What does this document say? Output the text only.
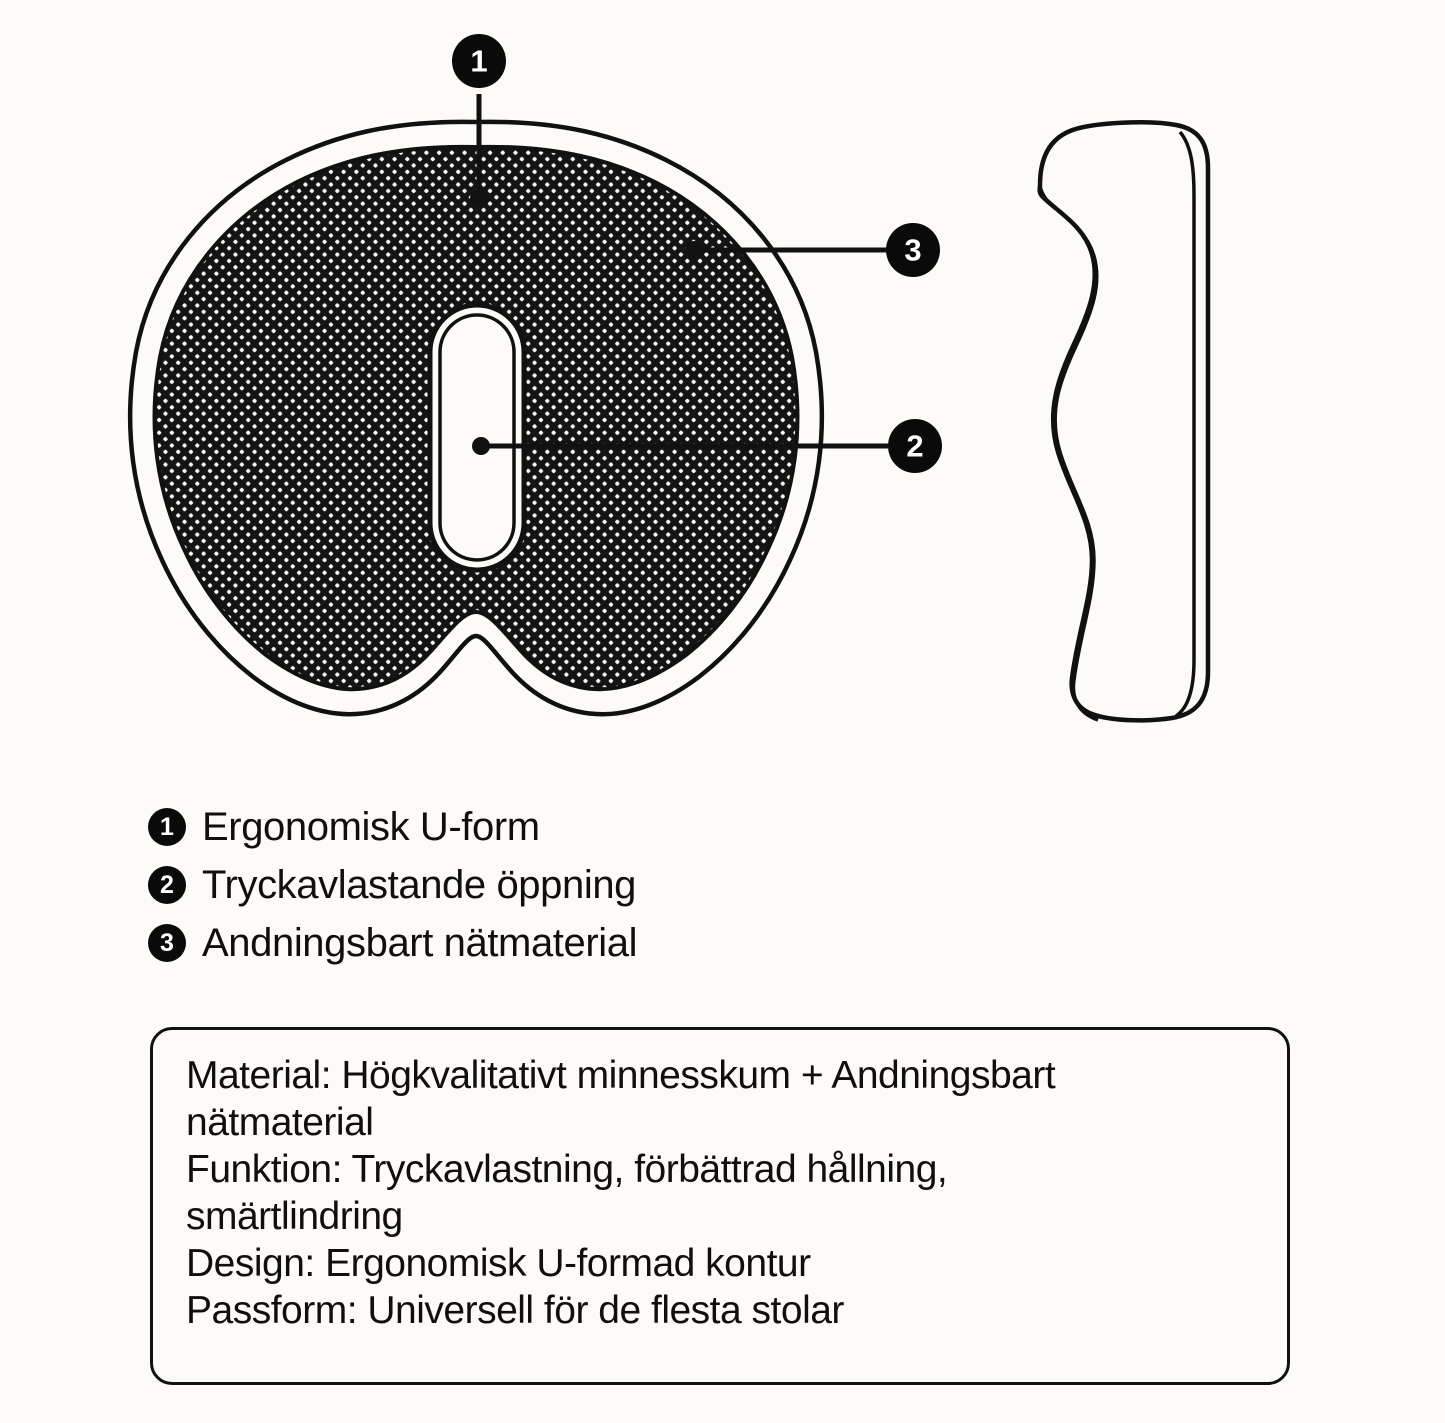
1
3
2
1 Ergonomisk U-form
2 Tryckavlastande öppning
3 Andningsbart nätmaterial
Material: Högkvalitativt minnesskum + Andningsbart
nätmaterial
Funktion: Tryckavlastning, förbättrad hållning,
smärtlindring
Design: Ergonomisk U-formad kontur
Passform: Universell för de flesta stolar
